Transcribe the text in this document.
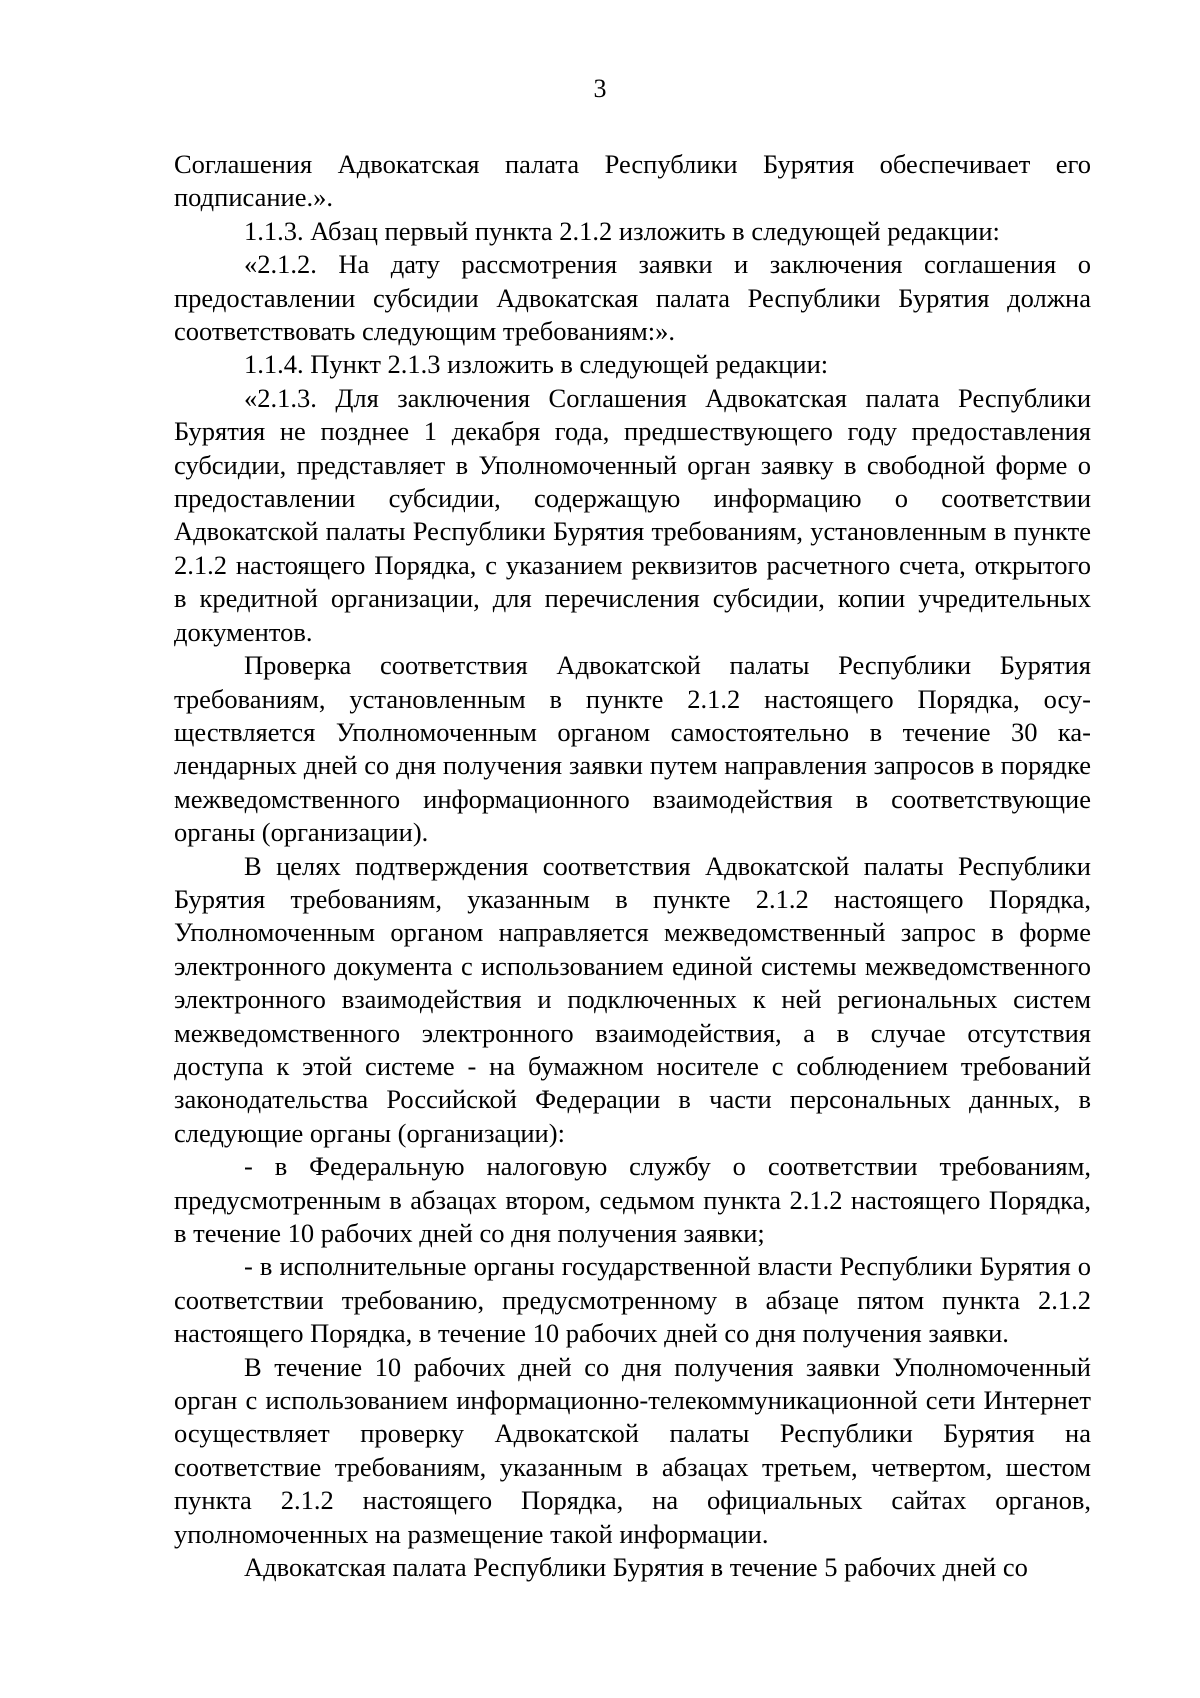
3

Соглашения Адвокатская палата Республики Бурятия обеспечивает его подписание.».

1.1.3. Абзац первый пункта 2.1.2 изложить в следующей редакции:

«2.1.2. На дату рассмотрения заявки и заключения соглашения о предоставлении субсидии Адвокатская палата Республики Бурятия должна соответствовать следующим требованиям:».

1.1.4. Пункт 2.1.3 изложить в следующей редакции:

«2.1.3. Для заключения Соглашения Адвокатская палата Республики Бурятия не позднее 1 декабря года, предшествующего году предоставления субсидии, представляет в Уполномоченный орган заявку в свободной форме о предоставлении субсидии, содержащую информацию о соответствии Адвокатской палаты Республики Бурятия требованиям, установленным в пункте 2.1.2 настоящего Порядка, с указанием реквизитов расчетного счета, открытого в кредитной организации, для перечисления субсидии, копии учредительных документов.

Проверка соответствия Адвокатской палаты Республики Бурятия требованиям, установленным в пункте 2.1.2 настоящего Порядка, осуществляется Уполномоченным органом самостоятельно в течение 30 календарных дней со дня получения заявки путем направления запросов в порядке межведомственного информационного взаимодействия в соответствующие органы (организации).

В целях подтверждения соответствия Адвокатской палаты Республики Бурятия требованиям, указанным в пункте 2.1.2 настоящего Порядка, Уполномоченным органом направляется межведомственный запрос в форме электронного документа с использованием единой системы межведомственного электронного взаимодействия и подключенных к ней региональных систем межведомственного электронного взаимодействия, а в случае отсутствия доступа к этой системе - на бумажном носителе с соблюдением требований законодательства Российской Федерации в части персональных данных, в следующие органы (организации):

- в Федеральную налоговую службу о соответствии требованиям, предусмотренным в абзацах втором, седьмом пункта 2.1.2 настоящего Порядка, в течение 10 рабочих дней со дня получения заявки;

- в исполнительные органы государственной власти Республики Бурятия о соответствии требованию, предусмотренному в абзаце пятом пункта 2.1.2 настоящего Порядка, в течение 10 рабочих дней со дня получения заявки.

В течение 10 рабочих дней со дня получения заявки Уполномоченный орган с использованием информационно-телекоммуникационной сети Интернет осуществляет проверку Адвокатской палаты Республики Бурятия на соответствие требованиям, указанным в абзацах третьем, четвертом, шестом пункта 2.1.2 настоящего Порядка, на официальных сайтах органов, уполномоченных на размещение такой информации.

Адвокатская палата Республики Бурятия в течение 5 рабочих дней со
